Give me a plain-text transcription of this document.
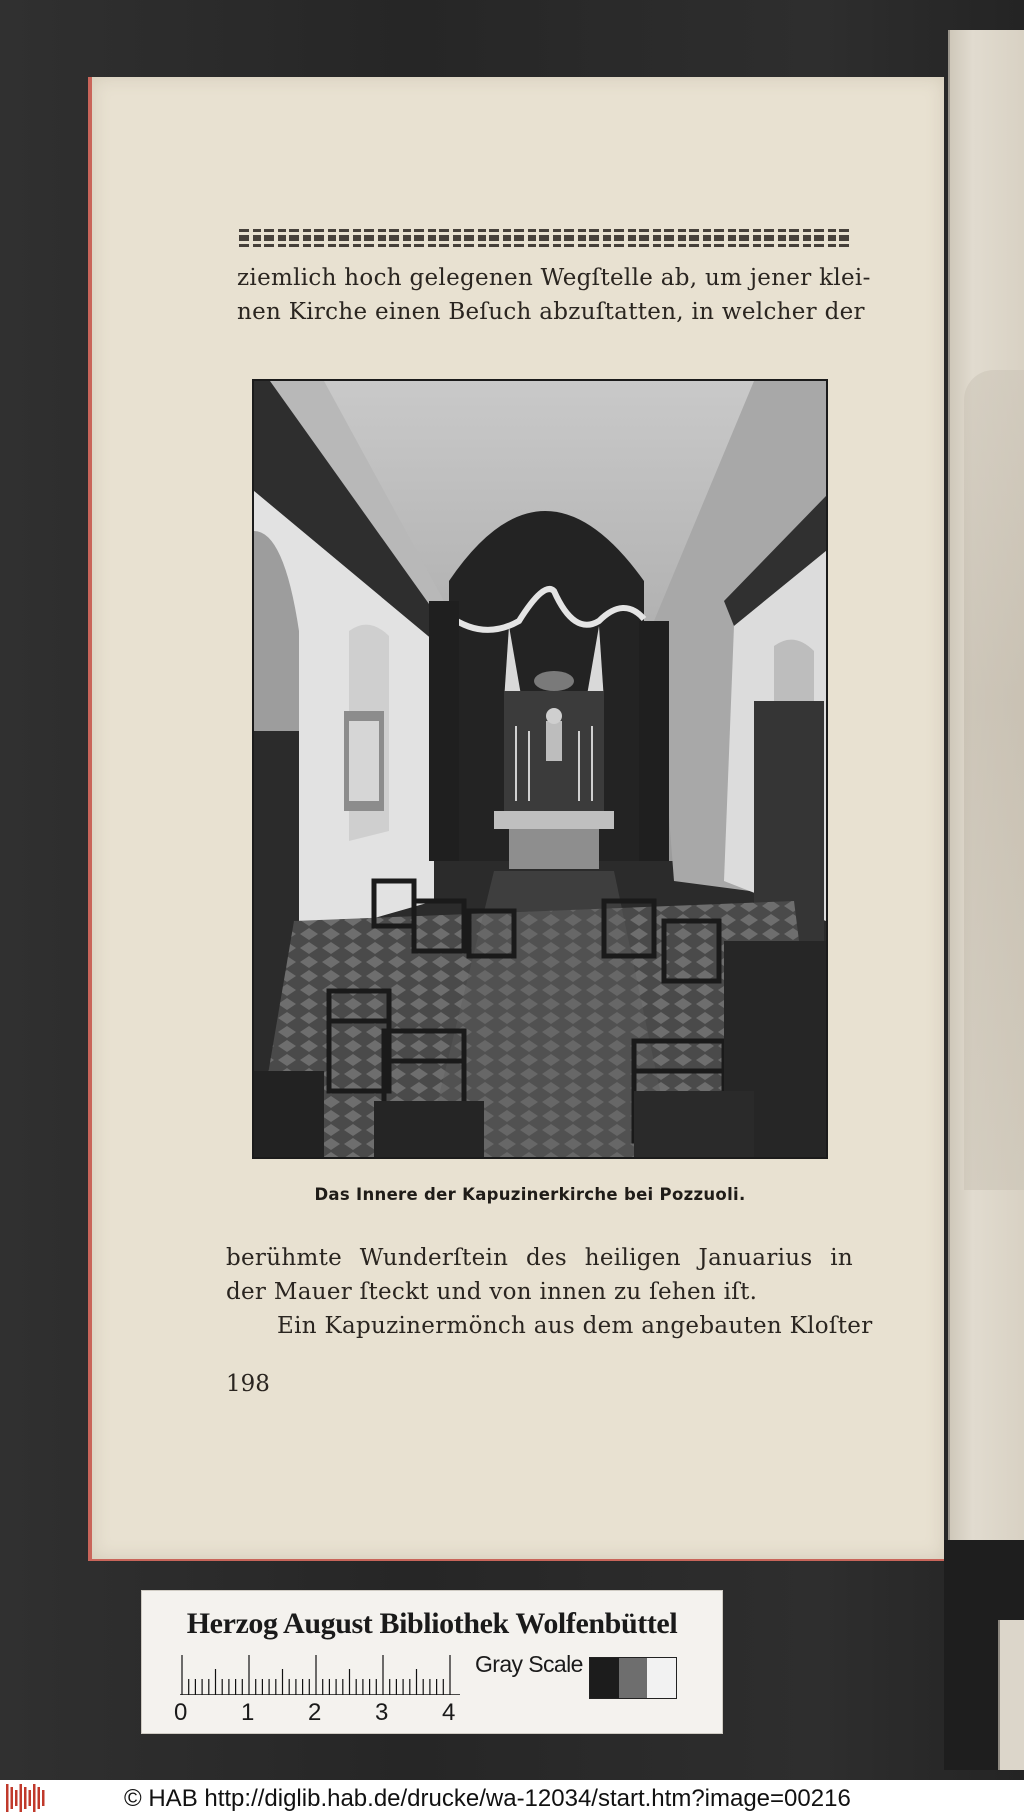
ziemlich hoch gelegenen Wegſtelle ab, um jener klei-

nen Kirche einen Beſuch abzuſtatten, in welcher der

Das Innere der Kapuzinerkirche bei Pozzuoli.

berühmte Wunderſtein des heiligen Januarius in

der Mauer ſteckt und von innen zu ſehen iſt.

Ein Kapuzinermönch aus dem angebauten Kloſter

198

Herzog August Bibliothek Wolfenbüttel

0 1 2 3 4

Gray Scale

© HAB http://diglib.hab.de/drucke/wa-12034/start.htm?image=00216
